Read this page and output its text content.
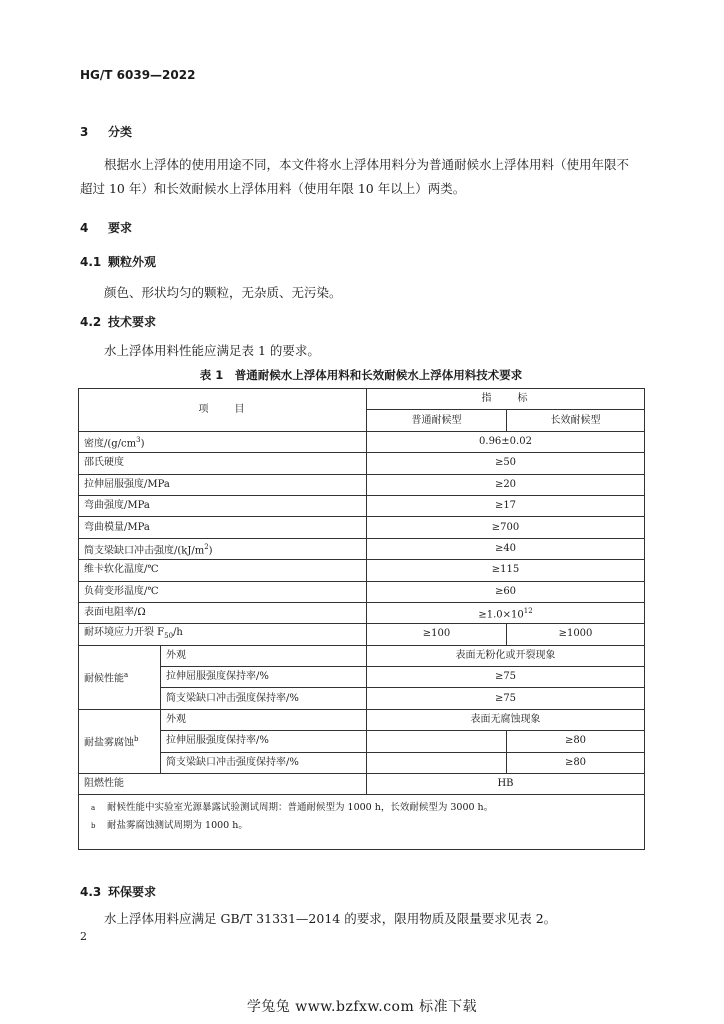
HG/T 6039—2022
3 分类
根据水上浮体的使用用途不同，本文件将水上浮体用料分为普通耐候水上浮体用料（使用年限不
超过 10 年）和长效耐候水上浮体用料（使用年限 10 年以上）两类。
4 要求
4.1 颗粒外观
颜色、形状均匀的颗粒，无杂质、无污染。
4.2 技术要求
水上浮体用料性能应满足表 1 的要求。
表 1　普通耐候水上浮体用料和长效耐候水上浮体用料技术要求
项　　目		指　　标	
		普通耐候型	长效耐候型
密度$/(g/cm^3)$		0.96±0.02	
邵氏硬度		≥50	
拉伸屈服强度/MPa		≥20	
弯曲强度/MPa		≥17	
弯曲模量/MPa		≥700	
简支梁缺口冲击强度$/(kJ/m^2)$		≥40	
维卡软化温度/℃		≥115	
负荷变形温度/℃		≥60	
表面电阻率/Ω		$\ge 1.0\times 10^{12}$
耐环境应力开裂 $F_{50}/h$		≥100	≥1000
耐候性能$^a$	外观	表面无粉化或开裂现象	
	拉伸屈服强度保持率/%	≥75	
	简支梁缺口冲击强度保持率/%	≥75	
耐盐雾腐蚀$^b$	外观	表面无腐蚀现象	
	拉伸屈服强度保持率/%		≥80
	简支梁缺口冲击强度保持率/%		≥80
阻燃性能		HB	

a 耐候性能中实验室光源暴露试验测试周期：普通耐候型为 1000 h，长效耐候型为 3000 h。
b 耐盐雾腐蚀测试周期为 1000 h。			
4.3 环保要求
水上浮体用料应满足 GB/T 31331—2014 的要求，限用物质及限量要求见表 2。
2
学兔兔 www.bzfxw.com 标准下载
